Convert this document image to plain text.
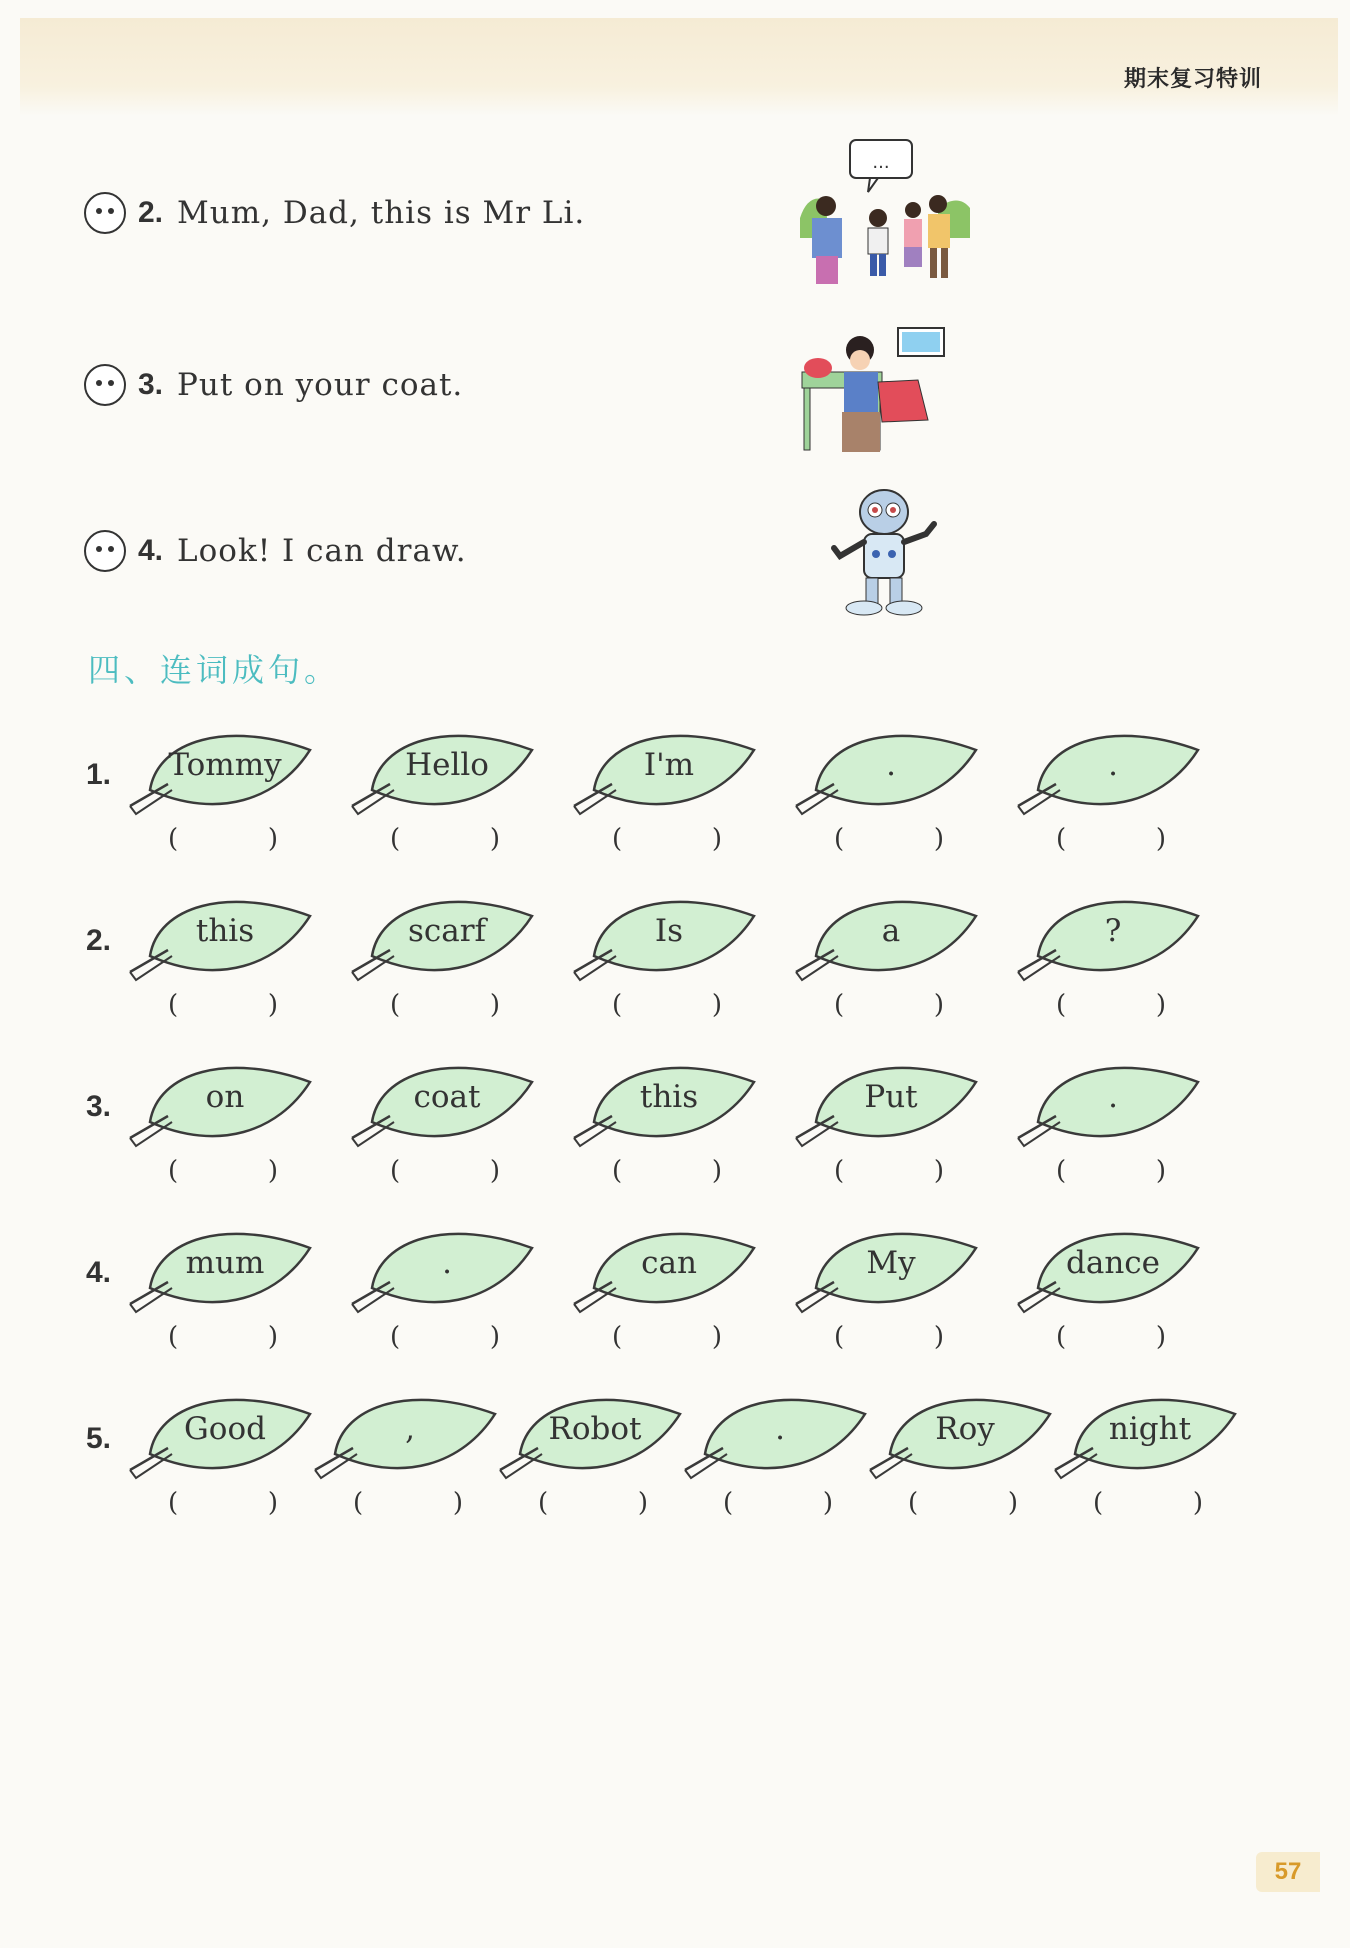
期末复习特训
2. Mum, Dad, this is Mr Li.
3. Put on your coat.
4. Look! I can draw.
...
四、连词成句。
1.	Tommy	Hello	I'm	.	.
(	)	(	)	(	)	(	)	(	)
2.	this	scarf	Is	a	?
(	)	(	)	(	)	(	)	(	)
3.	on	coat	this	Put	.
(	)	(	)	(	)	(	)	(	)
4.	mum	.	can	My	dance
(	)	(	)	(	)	(	)	(	)
5.	Good	,	Robot	.	Roy	night
(	)	(	)	(	)	(	)	(	)	(	)
57
